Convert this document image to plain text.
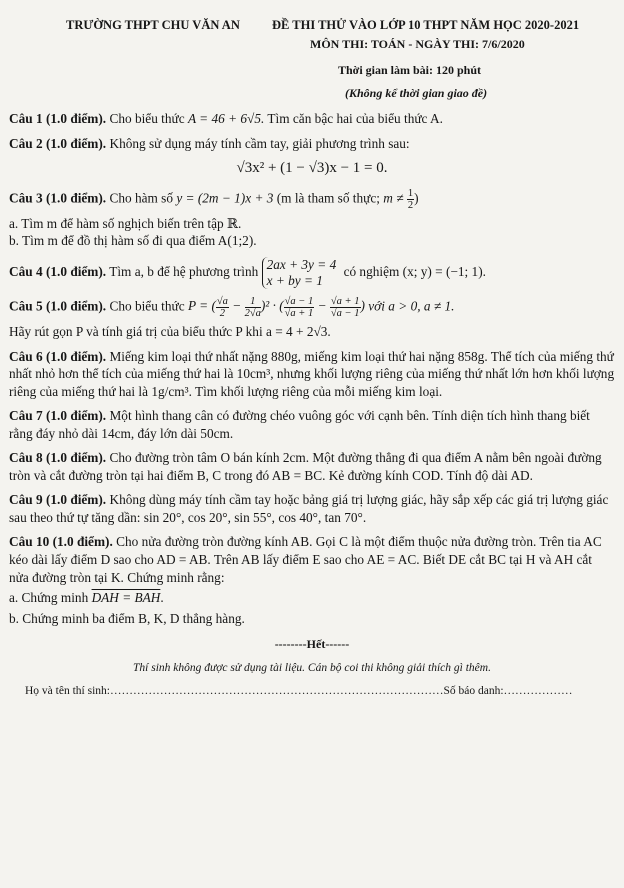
TRƯỜNG THPT CHU VĂN AN	ĐỀ THI THỬ VÀO LỚP 10 THPT NĂM HỌC 2020-2021
MÔN THI: TOÁN - NGÀY THI: 7/6/2020
Thời gian làm bài: 120 phút
(Không kể thời gian giao đề)

Câu 1 (1.0 điểm). Cho biểu thức A = 46 + 6√5. Tìm căn bậc hai của biểu thức A.

Câu 2 (1.0 điểm). Không sử dụng máy tính cầm tay, giải phương trình sau:

√3x² + (1 − √3)x − 1 = 0.

Câu 3 (1.0 điểm). Cho hàm số y = (2m − 1)x + 3 (m là tham số thực; $m \ne \frac{1}{2}$ )

a. Tìm m để hàm số nghịch biến trên tập ℝ.

b. Tìm m để đồ thị hàm số đi qua điểm A(1;2).

Câu 4 (1.0 điểm). Tìm a, b để hệ phương trình 2ax + 3y = 4
x + by = 1 có nghiệm (x; y) = (−1; 1).

Câu 5 (1.0 điểm). Cho biểu thức P = ( $\frac{√a}{2} - \frac{1}{2√a} )^2$ · ( $\frac{√a - 1}{√a + 1} - \frac{√a + 1}{√a - 1}$ ) với a > 0, a ≠ 1.

Hãy rút gọn P và tính giá trị của biểu thức P khi a = 4 + 2√3.

Câu 6 (1.0 điểm). Miếng kim loại thứ nhất nặng 880g, miếng kim loại thứ hai nặng 858g. Thể tích của miếng thứ nhất nhỏ hơn thể tích của miếng thứ hai là 10cm³, nhưng khối lượng riêng của miếng thứ nhất lớn hơn khối lượng riêng của miếng thứ hai là 1g/cm³. Tìm khối lượng riêng của mỗi miếng kim loại.

Câu 7 (1.0 điểm). Một hình thang cân có đường chéo vuông góc với cạnh bên. Tính diện tích hình thang biết rằng đáy nhỏ dài 14cm, đáy lớn dài 50cm.

Câu 8 (1.0 điểm). Cho đường tròn tâm O bán kính 2cm. Một đường thẳng đi qua điểm A nằm bên ngoài đường tròn và cắt đường tròn tại hai điểm B, C trong đó AB = BC. Kẻ đường kính COD. Tính độ dài AD.

Câu 9 (1.0 điểm). Không dùng máy tính cầm tay hoặc bảng giá trị lượng giác, hãy sắp xếp các giá trị lượng giác sau theo thứ tự tăng dần: sin 20°, cos 20°, sin 55°, cos 40°, tan 70°.

Câu 10 (1.0 điểm). Cho nửa đường tròn đường kính AB. Gọi C là một điểm thuộc nửa đường tròn. Trên tia AC kéo dài lấy điểm D sao cho AD = AB. Trên AB lấy điểm E sao cho AE = AC. Biết DE cắt BC tại H và AH cắt nửa đường tròn tại K. Chứng minh rằng:

a. Chứng minh DAH = BAH.

b. Chứng minh ba điểm B, K, D thẳng hàng.

--------Hết------

Thí sinh không được sử dụng tài liệu. Cán bộ coi thi không giải thích gì thêm.

Họ và tên thí sinh:……………………………………………………………………………Số báo danh:………………
